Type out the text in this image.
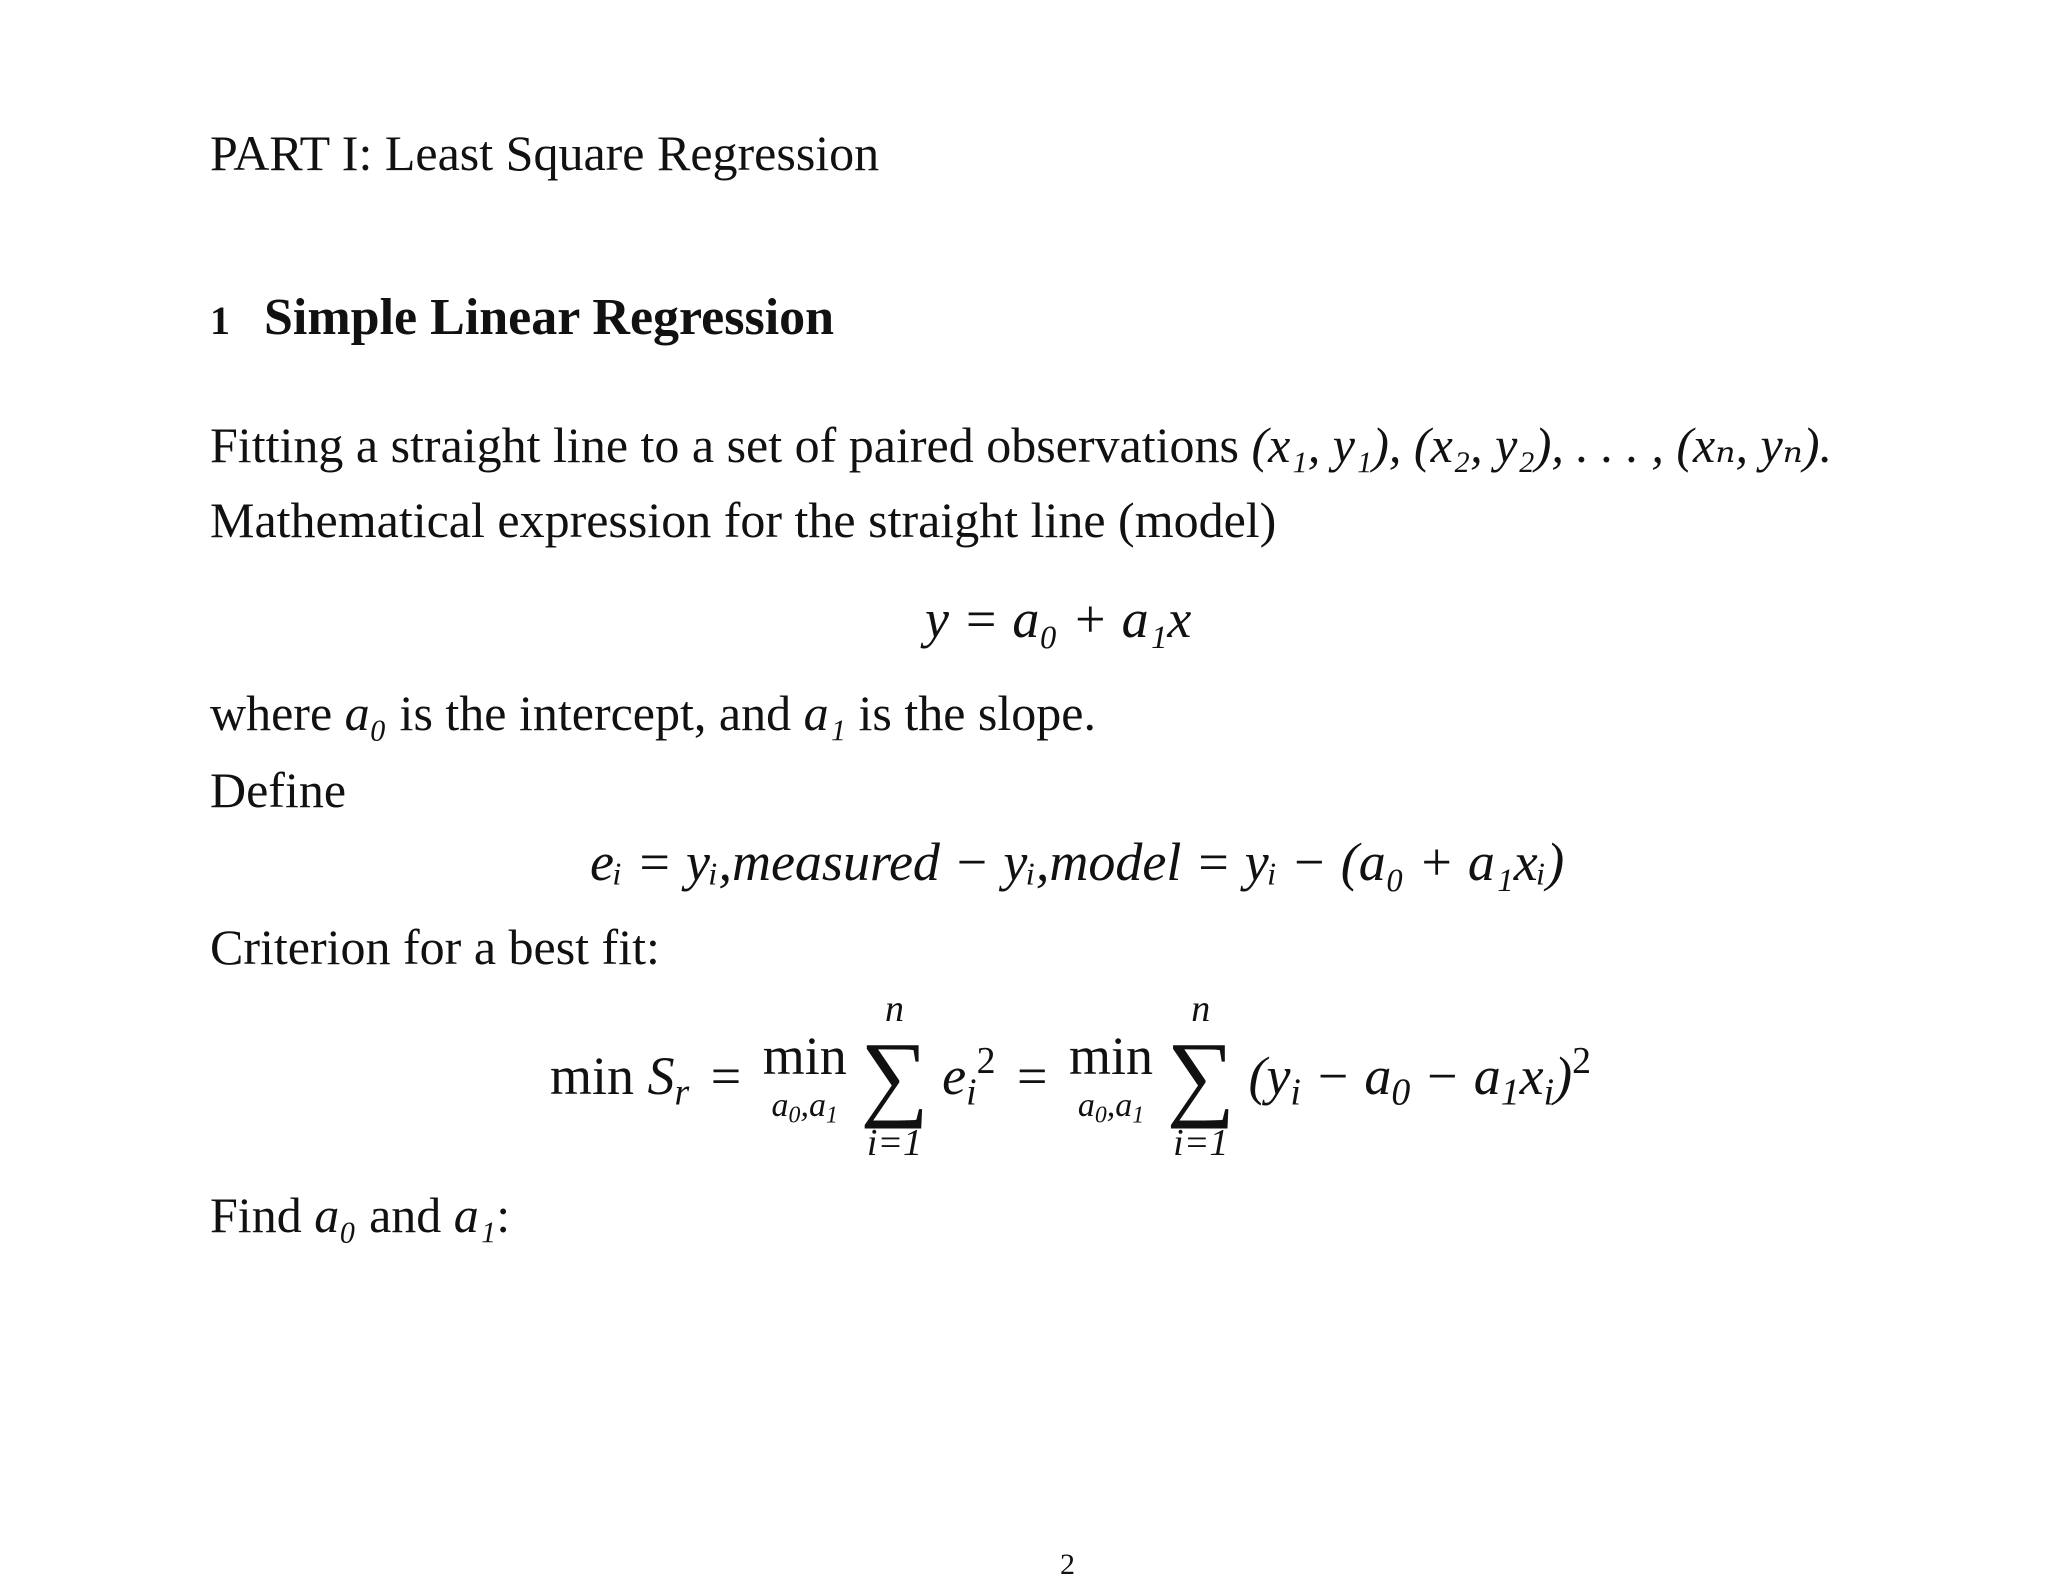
PART I: Least Square Regression
1 Simple Linear Regression
Fitting a straight line to a set of paired observations (x₁, y₁), (x₂, y₂), . . . , (xₙ, yₙ).
Mathematical expression for the straight line (model)
y = a₀ + a₁x
where a₀ is the intercept, and a₁ is the slope.
Define
eᵢ = yᵢ,measured − yᵢ,model = yᵢ − (a₀ + a₁xᵢ)
Criterion for a best fit:
$\min S_r = \min$
$a_0,a_1$

n
∑
i=1
$e_i^2 = \min$
$a_0,a_1$

n
∑
i=1
$(y_i - a_0 - a_1x_i)^2$
Find a₀ and a₁:
2
